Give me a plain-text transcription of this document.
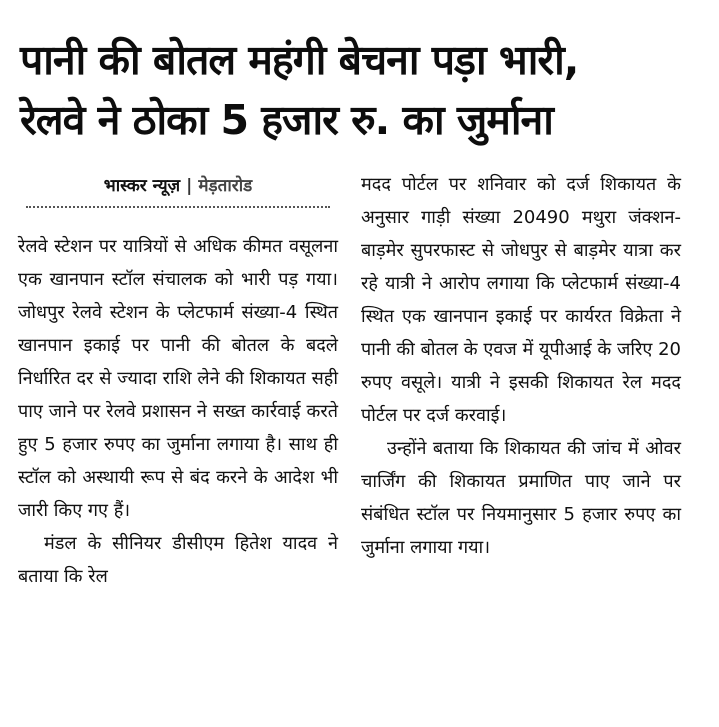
पानी की बोतल महंगी बेचना पड़ा भारी,
रेलवे ने ठोका 5 हजार रु. का जुर्माना
भास्कर न्यूज़ | मेड़तारोड

रेलवे स्टेशन पर यात्रियों से अधिक कीमत वसूलना एक खानपान स्टॉल संचालक को भारी पड़ गया। जोधपुर रेलवे स्टेशन के प्लेटफार्म संख्या-4 स्थित खानपान इकाई पर पानी की बोतल के बदले निर्धारित दर से ज्यादा राशि लेने की शिकायत सही पाए जाने पर रेलवे प्रशासन ने सख्त कार्रवाई करते हुए 5 हजार रुपए का जुर्माना लगाया है। साथ ही स्टॉल को अस्थायी रूप से बंद करने के आदेश भी जारी किए गए हैं।

मंडल के सीनियर डीसीएम हितेश यादव ने बताया कि रेल

मदद पोर्टल पर शनिवार को दर्ज शिकायत के अनुसार गाड़ी संख्या 20490 मथुरा जंक्शन-बाड़मेर सुपरफास्ट से जोधपुर से बाड़मेर यात्रा कर रहे यात्री ने आरोप लगाया कि प्लेटफार्म संख्या-4 स्थित एक खानपान इकाई पर कार्यरत विक्रेता ने पानी की बोतल के एवज में यूपीआई के जरिए 20 रुपए वसूले। यात्री ने इसकी शिकायत रेल मदद पोर्टल पर दर्ज करवाई।

उन्होंने बताया कि शिकायत की जांच में ओवर चार्जिंग की शिकायत प्रमाणित पाए जाने पर संबंधित स्टॉल पर नियमानुसार 5 हजार रुपए का जुर्माना लगाया गया।
